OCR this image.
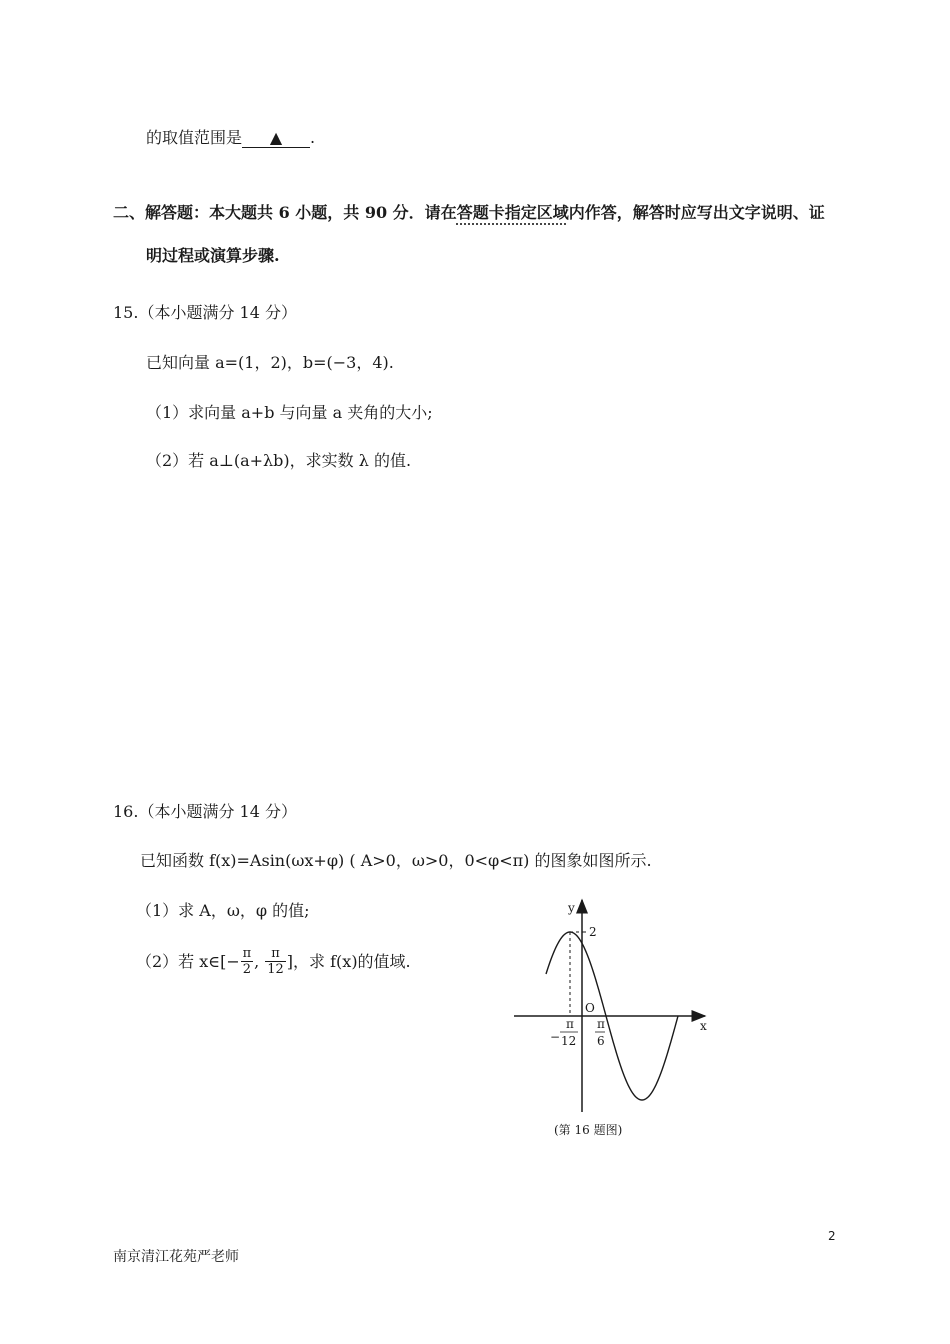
的取值范围是 ▲ .
二、解答题：本大题共 6 小题，共 90 分．请在答题卡指定区域内作答，解答时应写出文字说明、证
明过程或演算步骤.
15.（本小题满分 14 分）
已知向量 a=(1，2)，b=(−3，4).
（1）求向量 a+b 与向量 a 夹角的大小;
（2）若 a⊥(a+λb)，求实数 λ 的值.
16.（本小题满分 14 分）
已知函数 f(x)=Asin(ωx+φ) ( A>0，ω>0，0<φ<π) 的图象如图所示.
（1）求 A，ω，φ 的值;
（2）若 x∈[− $\frac{\pi}{2}$ , $\frac{\pi}{12}$ ]，求 f(x)的值域.
y
x
2
O
−
π
12
π
6
(第 16 题图)
2
南京清江花苑严老师
